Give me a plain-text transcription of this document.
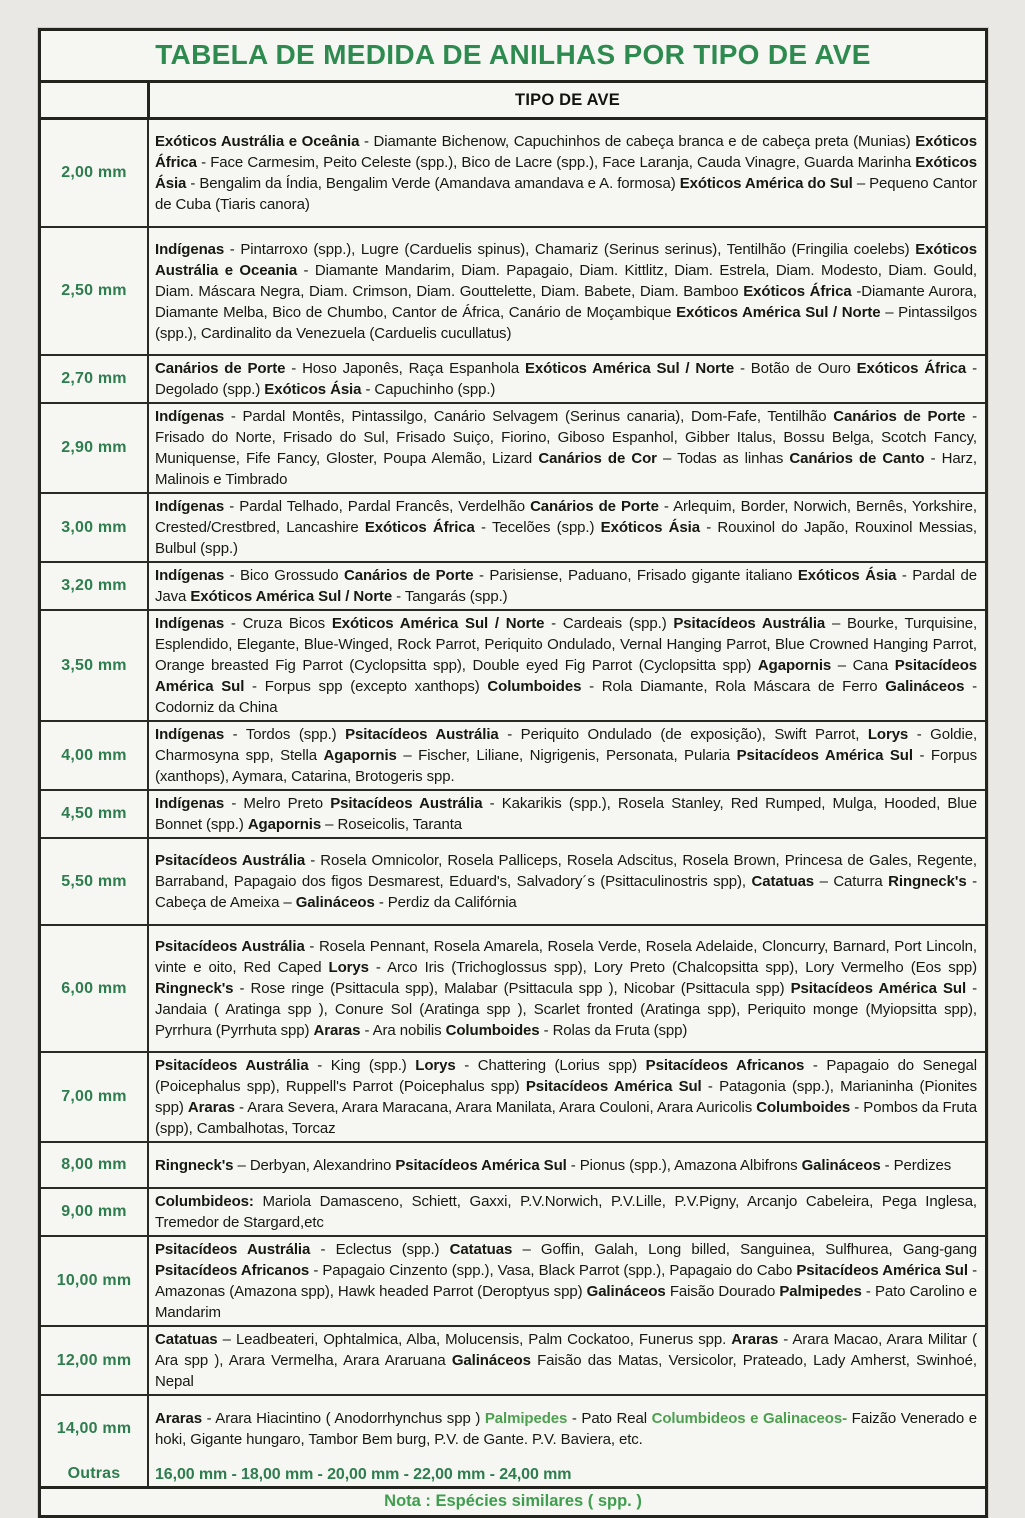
TABELA DE MEDIDA DE ANILHAS POR TIPO DE AVE
TIPO DE AVE
2,00 mm
Exóticos Austrália e Oceânia - Diamante Bichenow, Capuchinhos de cabeça branca e de cabeça preta (Munias) Exóticos África - Face Carmesim, Peito Celeste (spp.), Bico de Lacre (spp.), Face Laranja, Cauda Vinagre, Guarda Marinha Exóticos Ásia - Bengalim da Índia, Bengalim Verde (Amandava amandava e A. formosa) Exóticos América do Sul – Pequeno Cantor de Cuba (Tiaris canora)
2,50 mm
Indígenas - Pintarroxo (spp.), Lugre (Carduelis spinus), Chamariz (Serinus serinus), Tentilhão (Fringilia coelebs) Exóticos Austrália e Oceania - Diamante Mandarim, Diam. Papagaio, Diam. Kittlitz, Diam. Estrela, Diam. Modesto, Diam. Gould, Diam. Máscara Negra, Diam. Crimson, Diam. Gouttelette, Diam. Babete, Diam. Bamboo Exóticos África -Diamante Aurora, Diamante Melba, Bico de Chumbo, Cantor de África, Canário de Moçambique Exóticos América Sul / Norte – Pintassilgos (spp.), Cardinalito da Venezuela (Carduelis cucullatus)
2,70 mm
Canários de Porte - Hoso Japonês, Raça Espanhola Exóticos América Sul / Norte - Botão de Ouro Exóticos África - Degolado (spp.) Exóticos Ásia - Capuchinho (spp.)
2,90 mm
Indígenas - Pardal Montês, Pintassilgo, Canário Selvagem (Serinus canaria), Dom-Fafe, Tentilhão Canários de Porte - Frisado do Norte, Frisado do Sul, Frisado Suiço, Fiorino, Giboso Espanhol, Gibber Italus, Bossu Belga, Scotch Fancy, Muniquense, Fife Fancy, Gloster, Poupa Alemão, Lizard Canários de Cor – Todas as linhas Canários de Canto - Harz, Malinois e Timbrado
3,00 mm
Indígenas - Pardal Telhado, Pardal Francês, Verdelhão Canários de Porte - Arlequim, Border, Norwich, Bernês, Yorkshire, Crested/Crestbred, Lancashire Exóticos África - Tecelões (spp.) Exóticos Ásia - Rouxinol do Japão, Rouxinol Messias, Bulbul (spp.)
3,20 mm
Indígenas - Bico Grossudo Canários de Porte - Parisiense, Paduano, Frisado gigante italiano Exóticos Ásia - Pardal de Java Exóticos América Sul / Norte - Tangarás (spp.)
3,50 mm
Indígenas - Cruza Bicos Exóticos América Sul / Norte - Cardeais (spp.) Psitacídeos Austrália – Bourke, Turquisine, Esplendido, Elegante, Blue-Winged, Rock Parrot, Periquito Ondulado, Vernal Hanging Parrot, Blue Crowned Hanging Parrot, Orange breasted Fig Parrot (Cyclopsitta spp), Double eyed Fig Parrot (Cyclopsitta spp) Agapornis – Cana Psitacídeos América Sul - Forpus spp (excepto xanthops) Columboides - Rola Diamante, Rola Máscara de Ferro Galináceos - Codorniz da China
4,00 mm
Indígenas - Tordos (spp.) Psitacídeos Austrália - Periquito Ondulado (de exposição), Swift Parrot, Lorys - Goldie, Charmosyna spp, Stella Agapornis – Fischer, Liliane, Nigrigenis, Personata, Pularia Psitacídeos América Sul - Forpus (xanthops), Aymara, Catarina, Brotogeris spp.
4,50 mm
Indígenas - Melro Preto Psitacídeos Austrália - Kakarikis (spp.), Rosela Stanley, Red Rumped, Mulga, Hooded, Blue Bonnet (spp.) Agapornis – Roseicolis, Taranta
5,50 mm
Psitacídeos Austrália - Rosela Omnicolor, Rosela Palliceps, Rosela Adscitus, Rosela Brown, Princesa de Gales, Regente, Barraband, Papagaio dos figos Desmarest, Eduard's, Salvadory´s (Psittaculinostris spp), Catatuas – Caturra Ringneck's - Cabeça de Ameixa – Galináceos - Perdiz da Califórnia
6,00 mm
Psitacídeos Austrália - Rosela Pennant, Rosela Amarela, Rosela Verde, Rosela Adelaide, Cloncurry, Barnard, Port Lincoln, vinte e oito, Red Caped Lorys - Arco Iris (Trichoglossus spp), Lory Preto (Chalcopsitta spp), Lory Vermelho (Eos spp) Ringneck's - Rose ringe (Psittacula spp), Malabar (Psittacula spp ), Nicobar (Psittacula spp) Psitacídeos América Sul - Jandaia ( Aratinga spp ), Conure Sol (Aratinga spp ), Scarlet fronted (Aratinga spp), Periquito monge (Myiopsitta spp), Pyrrhura (Pyrrhuta spp) Araras - Ara nobilis Columboides - Rolas da Fruta (spp)
7,00 mm
Psitacídeos Austrália - King (spp.) Lorys - Chattering (Lorius spp) Psitacídeos Africanos - Papagaio do Senegal (Poicephalus spp), Ruppell's Parrot (Poicephalus spp) Psitacídeos América Sul - Patagonia (spp.), Marianinha (Pionites spp) Araras - Arara Severa, Arara Maracana, Arara Manilata, Arara Couloni, Arara Auricolis Columboides - Pombos da Fruta (spp), Cambalhotas, Torcaz
8,00 mm	Ringneck's – Derbyan, Alexandrino Psitacídeos América Sul - Pionus (spp.), Amazona Albifrons Galináceos - Perdizes
9,00 mm
Columbideos: Mariola Damasceno, Schiett, Gaxxi, P.V.Norwich, P.V.Lille, P.V.Pigny, Arcanjo Cabeleira, Pega Inglesa, Tremedor de Stargard,etc
10,00 mm
Psitacídeos Austrália - Eclectus (spp.) Catatuas – Goffin, Galah, Long billed, Sanguinea, Sulfhurea, Gang-gang Psitacídeos Africanos - Papagaio Cinzento (spp.), Vasa, Black Parrot (spp.), Papagaio do Cabo Psitacídeos América Sul -Amazonas (Amazona spp), Hawk headed Parrot (Deroptyus spp) Galináceos Faisão Dourado Palmipedes - Pato Carolino e Mandarim
12,00 mm
Catatuas – Leadbeateri, Ophtalmica, Alba, Molucensis, Palm Cockatoo, Funerus spp. Araras - Arara Macao, Arara Militar ( Ara spp ), Arara Vermelha, Arara Araruana Galináceos Faisão das Matas, Versicolor, Prateado, Lady Amherst, Swinhoé, Nepal
14,00 mm
Araras - Arara Hiacintino ( Anodorrhynchus spp ) Palmipedes - Pato Real Columbideos e Galinaceos- Faizão Venerado e hoki, Gigante hungaro, Tambor Bem burg, P.V. de Gante. P.V. Baviera, etc.
Outras	16,00 mm - 18,00 mm - 20,00 mm - 22,00 mm - 24,00 mm
Nota : Espécies similares ( spp. )
